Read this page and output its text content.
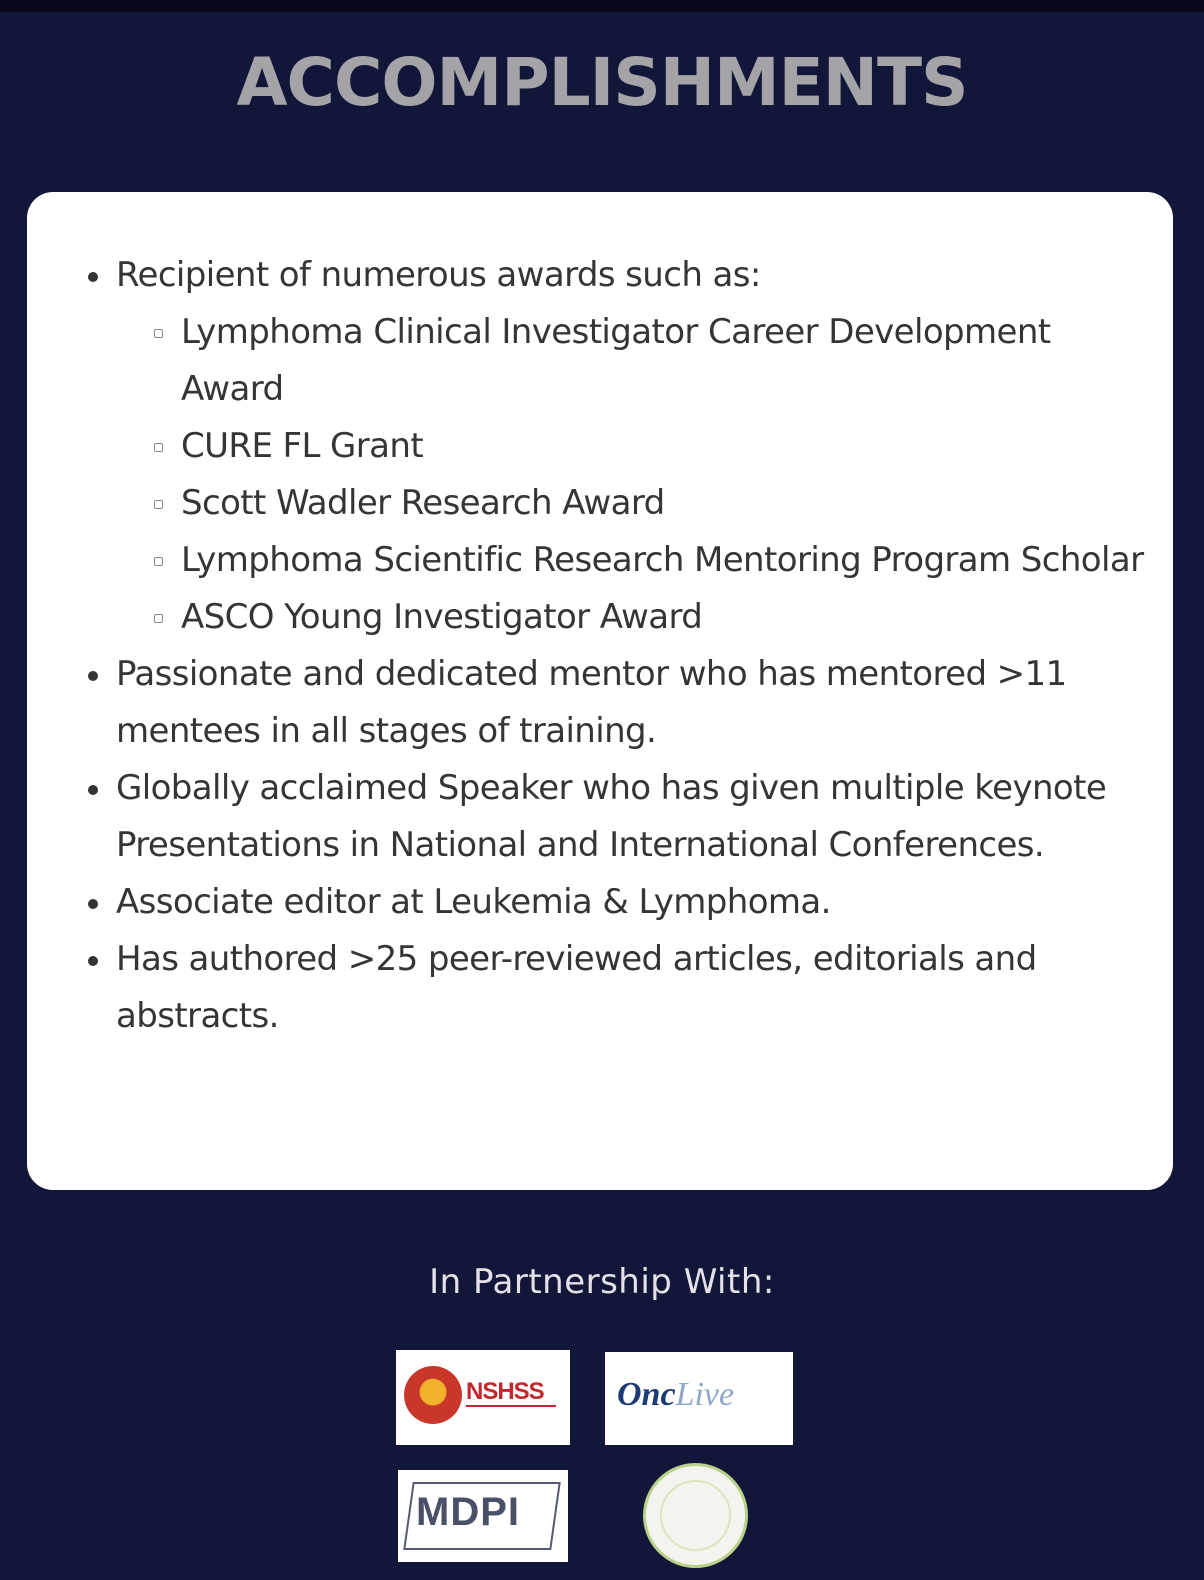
ACCOMPLISHMENTS
Recipient of numerous awards such as:
Lymphoma Clinical Investigator Career Development Award
CURE FL Grant
Scott Wadler Research Award
Lymphoma Scientific Research Mentoring Program Scholar
ASCO Young Investigator Award
Passionate and dedicated mentor who has mentored >11 mentees in all stages of training.
Globally acclaimed Speaker who has given multiple keynote Presentations in National and International Conferences.
Associate editor at Leukemia & Lymphoma.
Has authored >25 peer-reviewed articles, editorials and abstracts.
In Partnership With:
NSHSS OncLive
MDPI
